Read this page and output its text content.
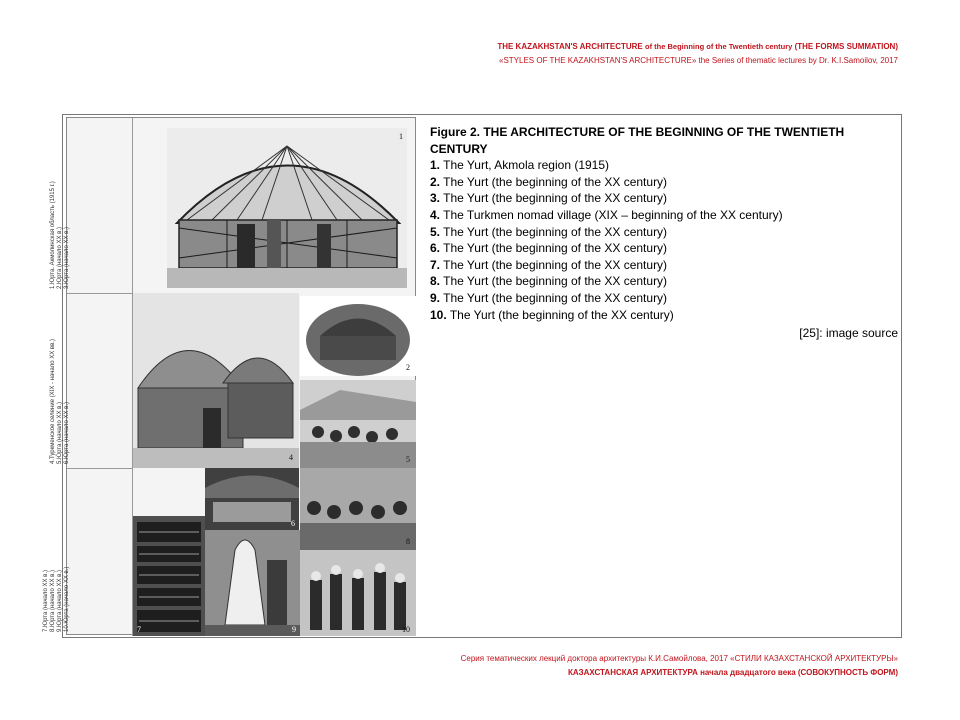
THE KAZAKHSTAN'S ARCHITECTURE of the Beginning of the Twentieth century (THE FORMS SUMMATION)
«STYLES OF THE KAZAKHSTAN'S ARCHITECTURE» the Series of thematic lectures by Dr. K.I.Samoilov, 2017
1.Юрта. Акмолинская область (1915 г.)
2.Юрта (начало XX в.)
3.Юрта (начало XX в.)
4.Туркменское селение (XIX - начало XX вв.)
5.Юрта (начало XX в.)
6.Юрта (начало XX в.)
7.Юрта (начало XX в.)
8.Юрта (начало XX в.)
9.Юрта (начало XX в.)
10.Юрта (начало XX в.)
1
4
2
5
6
8
7	9	10
Figure 2. THE ARCHITECTURE OF THE BEGINNING OF THE TWENTIETH CENTURY
1. The Yurt, Akmola region (1915)
2. The Yurt (the beginning of the XX century)
3. The Yurt (the beginning of the XX century)
4. The Turkmen nomad village (XIX – beginning of the XX century)
5. The Yurt (the beginning of the XX century)
6. The Yurt (the beginning of the XX century)
7. The Yurt (the beginning of the XX century)
8. The Yurt (the beginning of the XX century)
9. The Yurt (the beginning of the XX century)
10. The Yurt (the beginning of the XX century)
[25]: image source
Серия тематических лекций доктора архитектуры К.И.Самойлова, 2017 «СТИЛИ КАЗАХСТАНСКОЙ АРХИТЕКТУРЫ»
КАЗАХСТАНСКАЯ АРХИТЕКТУРА начала двадцатого века (СОВОКУПНОСТЬ ФОРМ)
